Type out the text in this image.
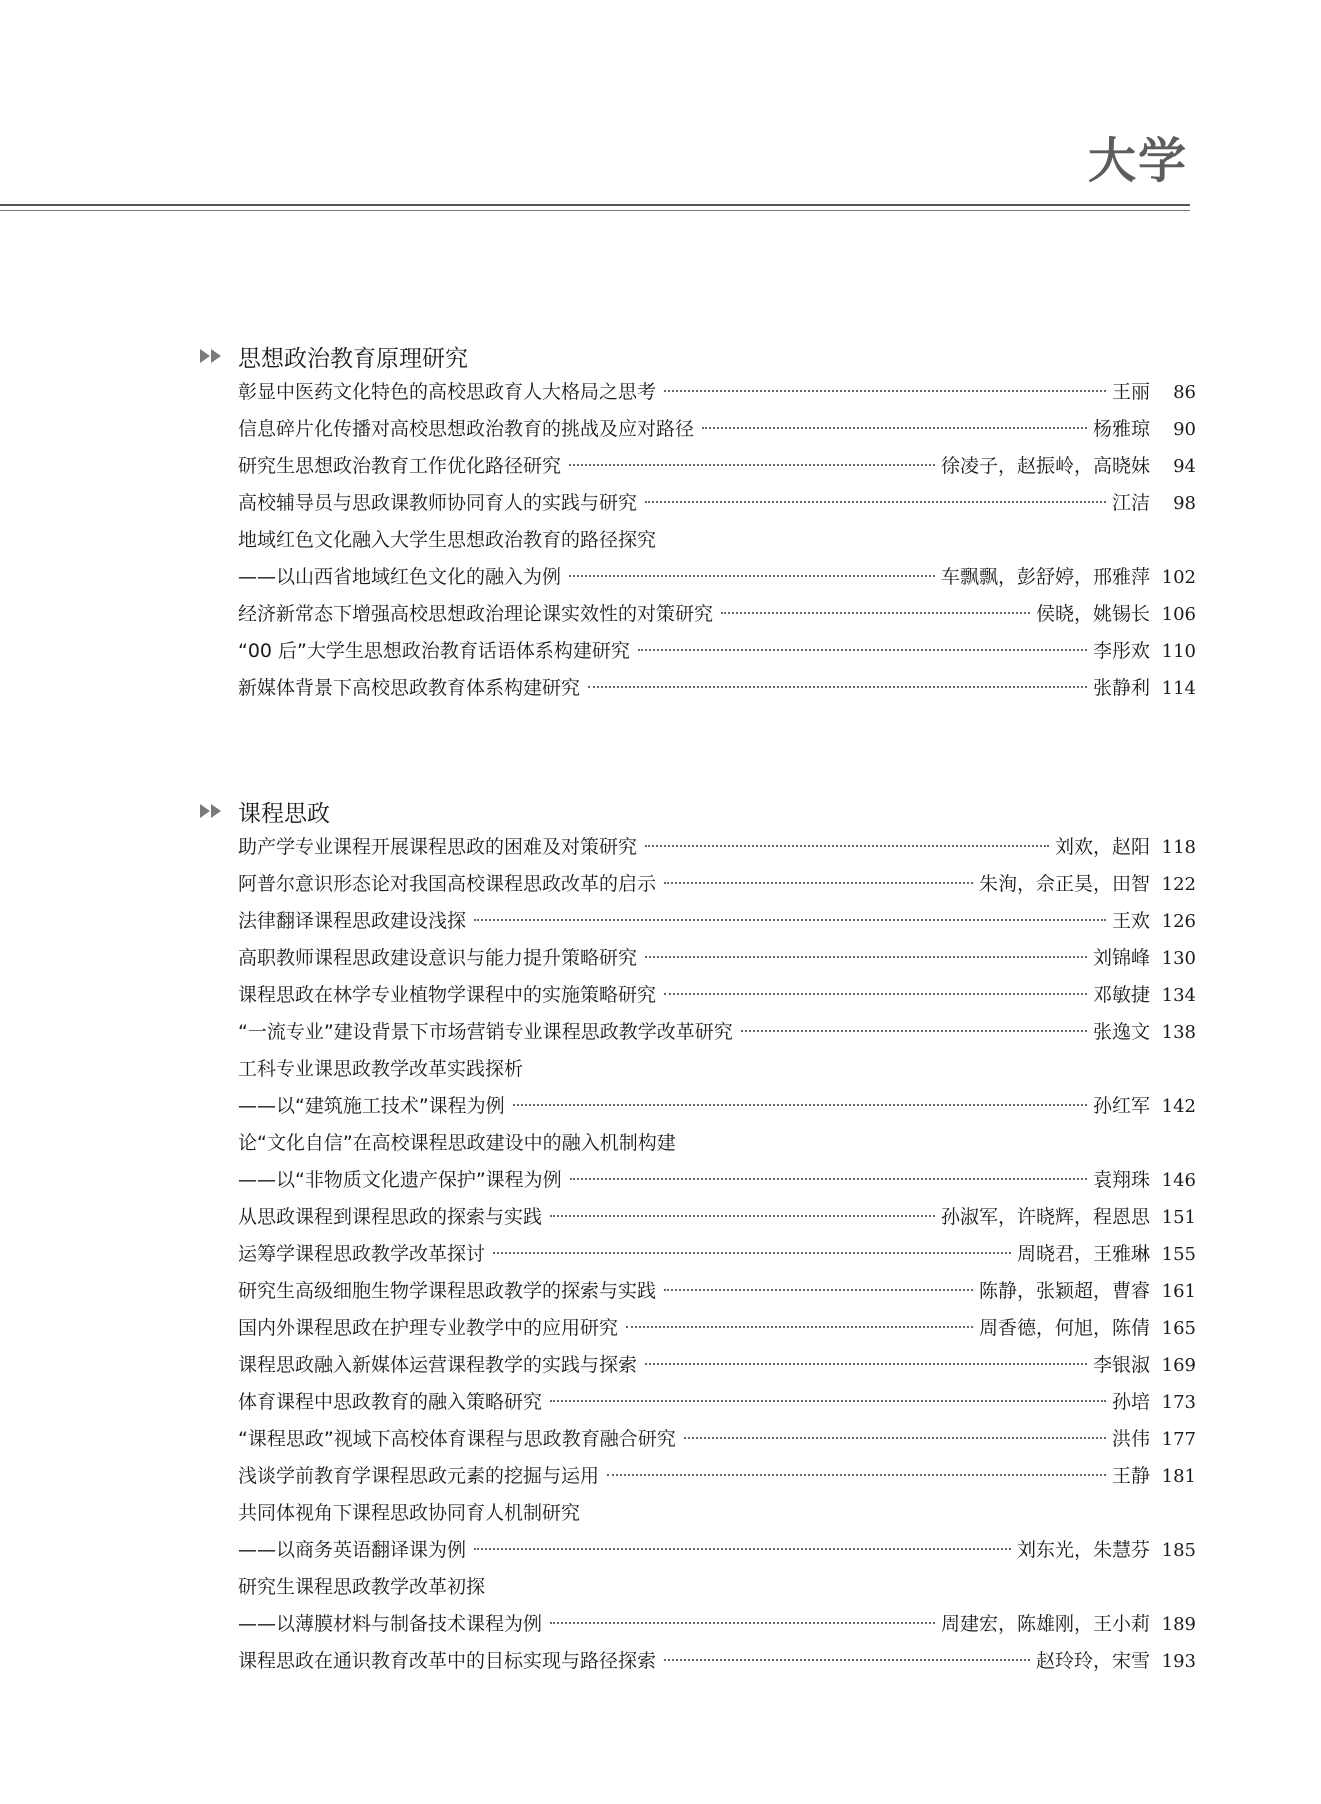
大学
思想政治教育原理研究
彰显中医药文化特色的高校思政育人大格局之思考	王丽	86
信息碎片化传播对高校思想政治教育的挑战及应对路径	杨雅琼	90
研究生思想政治教育工作优化路径研究	徐凌子，赵振岭，高晓妹	94
高校辅导员与思政课教师协同育人的实践与研究	江洁	98
地域红色文化融入大学生思想政治教育的路径探究
——以山西省地域红色文化的融入为例	车飘飘，彭舒婷，邢雅萍 102
经济新常态下增强高校思想政治理论课实效性的对策研究	侯晓，姚锡长 106
“00 后”大学生思想政治教育话语体系构建研究	李彤欢 110
新媒体背景下高校思政教育体系构建研究	张静利 114
课程思政
助产学专业课程开展课程思政的困难及对策研究	刘欢，赵阳 118
阿普尔意识形态论对我国高校课程思政改革的启示	朱洵，佘正昊，田智 122
法律翻译课程思政建设浅探	王欢 126
高职教师课程思政建设意识与能力提升策略研究	刘锦峰 130
课程思政在林学专业植物学课程中的实施策略研究	邓敏捷 134
“一流专业”建设背景下市场营销专业课程思政教学改革研究	张逸文 138
工科专业课思政教学改革实践探析
——以“建筑施工技术”课程为例	孙红军 142
论“文化自信”在高校课程思政建设中的融入机制构建
——以“非物质文化遗产保护”课程为例	袁翔珠 146
从思政课程到课程思政的探索与实践	孙淑军，许晓辉，程恩思 151
运筹学课程思政教学改革探讨	周晓君，王雅琳 155
研究生高级细胞生物学课程思政教学的探索与实践	陈静，张颖超，曹睿 161
国内外课程思政在护理专业教学中的应用研究	周香德，何旭，陈倩 165
课程思政融入新媒体运营课程教学的实践与探索	李银淑 169
体育课程中思政教育的融入策略研究	孙培 173
“课程思政”视域下高校体育课程与思政教育融合研究	洪伟 177
浅谈学前教育学课程思政元素的挖掘与运用	王静 181
共同体视角下课程思政协同育人机制研究
——以商务英语翻译课为例	刘东光，朱慧芬 185
研究生课程思政教学改革初探
——以薄膜材料与制备技术课程为例	周建宏，陈雄刚，王小莉 189
课程思政在通识教育改革中的目标实现与路径探索	赵玲玲，宋雪 193
